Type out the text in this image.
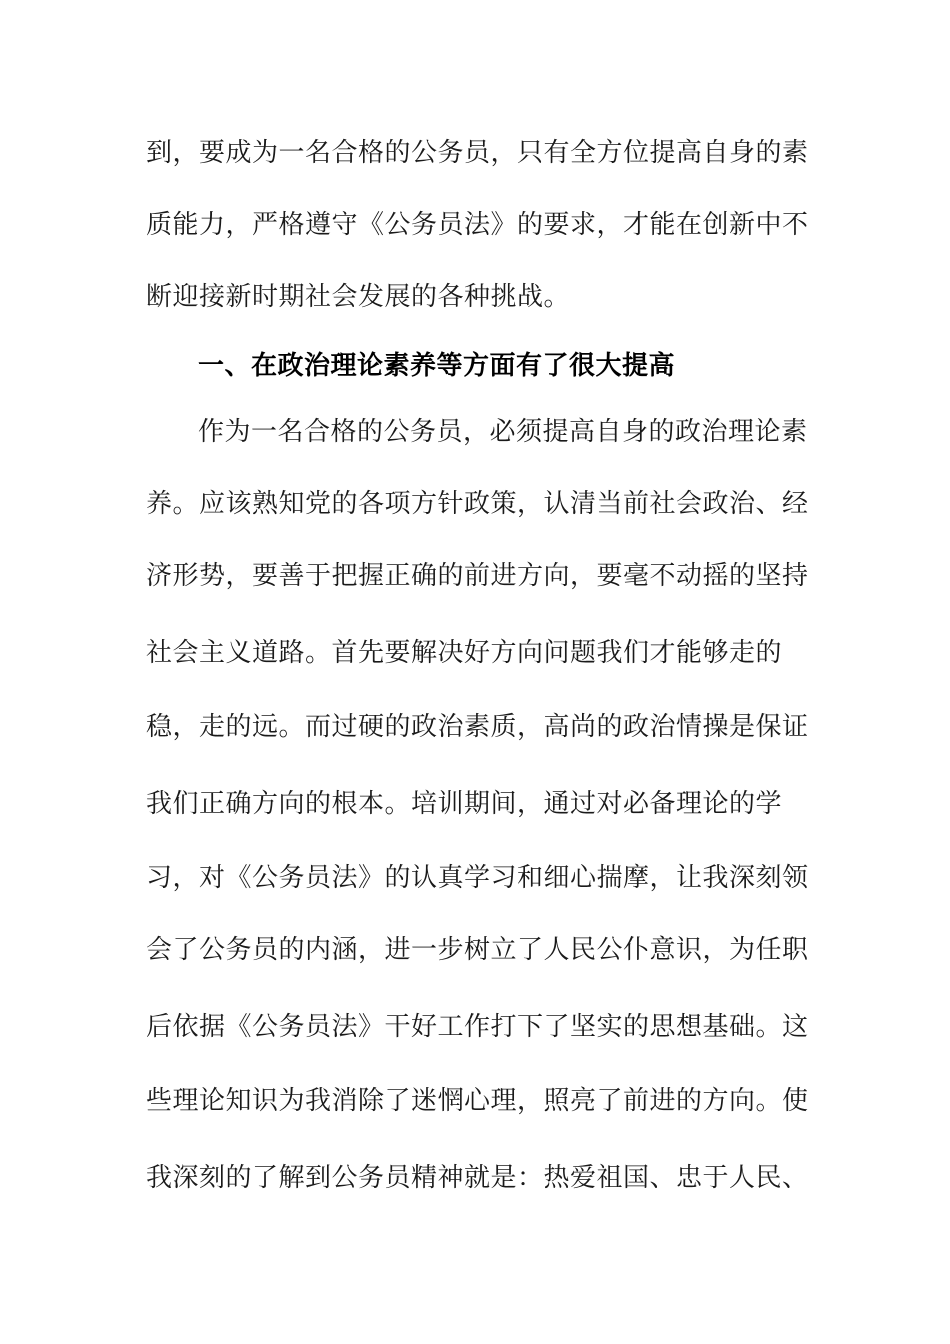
到，要成为一名合格的公务员，只有全方位提高自身的素
质能力，严格遵守《公务员法》的要求，才能在创新中不
断迎接新时期社会发展的各种挑战。
一、在政治理论素养等方面有了很大提高
作为一名合格的公务员，必须提高自身的政治理论素
养。应该熟知党的各项方针政策，认清当前社会政治、经
济形势，要善于把握正确的前进方向，要毫不动摇的坚持
社会主义道路。首先要解决好方向问题我们才能够走的
稳，走的远。而过硬的政治素质，高尚的政治情操是保证
我们正确方向的根本。培训期间，通过对必备理论的学
习，对《公务员法》的认真学习和细心揣摩，让我深刻领
会了公务员的内涵，进一步树立了人民公仆意识，为任职
后依据《公务员法》干好工作打下了坚实的思想基础。这
些理论知识为我消除了迷惘心理，照亮了前进的方向。使
我深刻的了解到公务员精神就是：热爱祖国、忠于人民、
